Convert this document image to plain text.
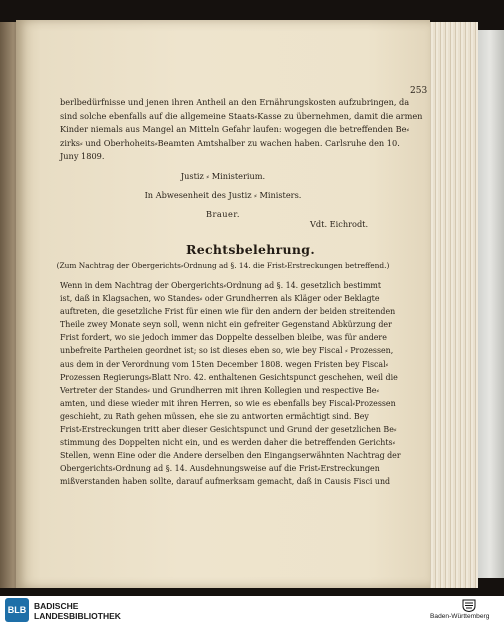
253
berlbedürfnisse und jenen ihren Antheil an den Ernährungskosten aufzubringen, da
sind solche ebenfalls auf die allgemeine Staats⸗Kasse zu übernehmen, damit die armen
Kinder niemals aus Mangel an Mitteln Gefahr laufen: wogegen die betreffenden Be⸗
zirks⸗ und Oberhoheits⸗Beamten Amtshalber zu wachen haben. Carlsruhe den 10.
Juny 1809.
Justiz ⸗ Ministerium.
In Abwesenheit des Justiz ⸗ Ministers.
Brauer.
Vdt. Eichrodt.
Rechtsbelehrung.
(Zum Nachtrag der Obergerichts⸗Ordnung ad §. 14. die Frist⸗Erstreckungen betreffend.)
Wenn in dem Nachtrag der Obergerichts⸗Ordnung ad §. 14. gesetzlich bestimmt
ist, daß in Klagsachen, wo Standes⸗ oder Grundherren als Kläger oder Beklagte
auftreten, die gesetzliche Frist für einen wie für den andern der beiden streitenden
Theile zwey Monate seyn soll, wenn nicht ein gefreiter Gegenstand Abkürzung der
Frist fordert, wo sie jedoch immer das Doppelte desselben bleibe, was für andere
unbefreite Partheien geordnet ist; so ist dieses eben so, wie bey Fiscal ⸗ Prozessen,
aus dem in der Verordnung vom 15ten December 1808. wegen Fristen bey Fiscal⸗
Prozessen Regierungs⸗Blatt Nro. 42. enthaltenen Gesichtspunct geschehen, weil die
Vertreter der Standes⸗ und Grundherren mit ihren Kollegien und respective Be⸗
amten, und diese wieder mit ihren Herren, so wie es ebenfalls bey Fiscal⸗Prozessen
geschieht, zu Rath gehen müssen, ehe sie zu antworten ermächtigt sind. Bey
Frist⸗Erstreckungen tritt aber dieser Gesichtspunct und Grund der gesetzlichen Be⸗
stimmung des Doppelten nicht ein, und es werden daher die betreffenden Gerichts⸗
Stellen, wenn Eine oder die Andere derselben den Eingangserwähnten Nachtrag der
Obergerichts⸗Ordnung ad §. 14. Ausdehnungsweise auf die Frist⸗Erstreckungen
mißverstanden haben sollte, darauf aufmerksam gemacht, daß in Causis Fisci und
BLB BADISCHE
LANDESBIBLIOTHEK	Baden-Württemberg
